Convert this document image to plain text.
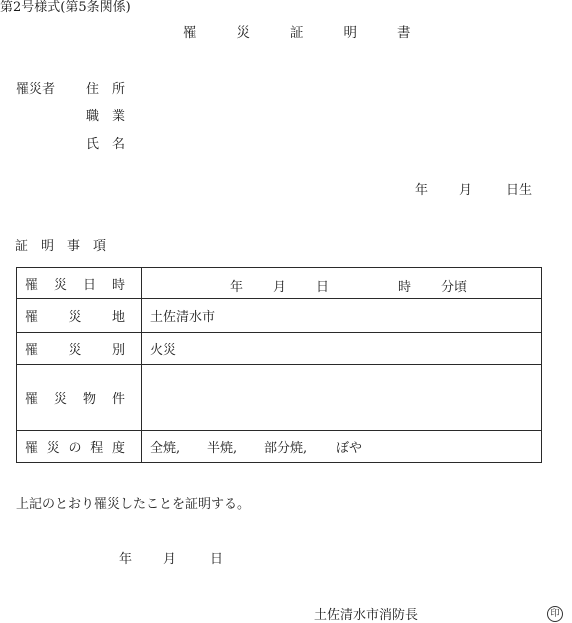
第2号様式(第5条関係)
罹	災	証	明	書
罹災者 住 所
職 業
氏 名
年 月	日生
証 明 事 項
罹 災 日 時	年 月 日 時 分頃

罹 災 地	土佐清水市

罹 災 別	火災

罹 災 物 件	

罹 災 の 程 度	全焼, 半焼, 部分焼, ぼや
上記のとおり罹災したことを証明する。
年 月	日
土佐清水市消防長	印
